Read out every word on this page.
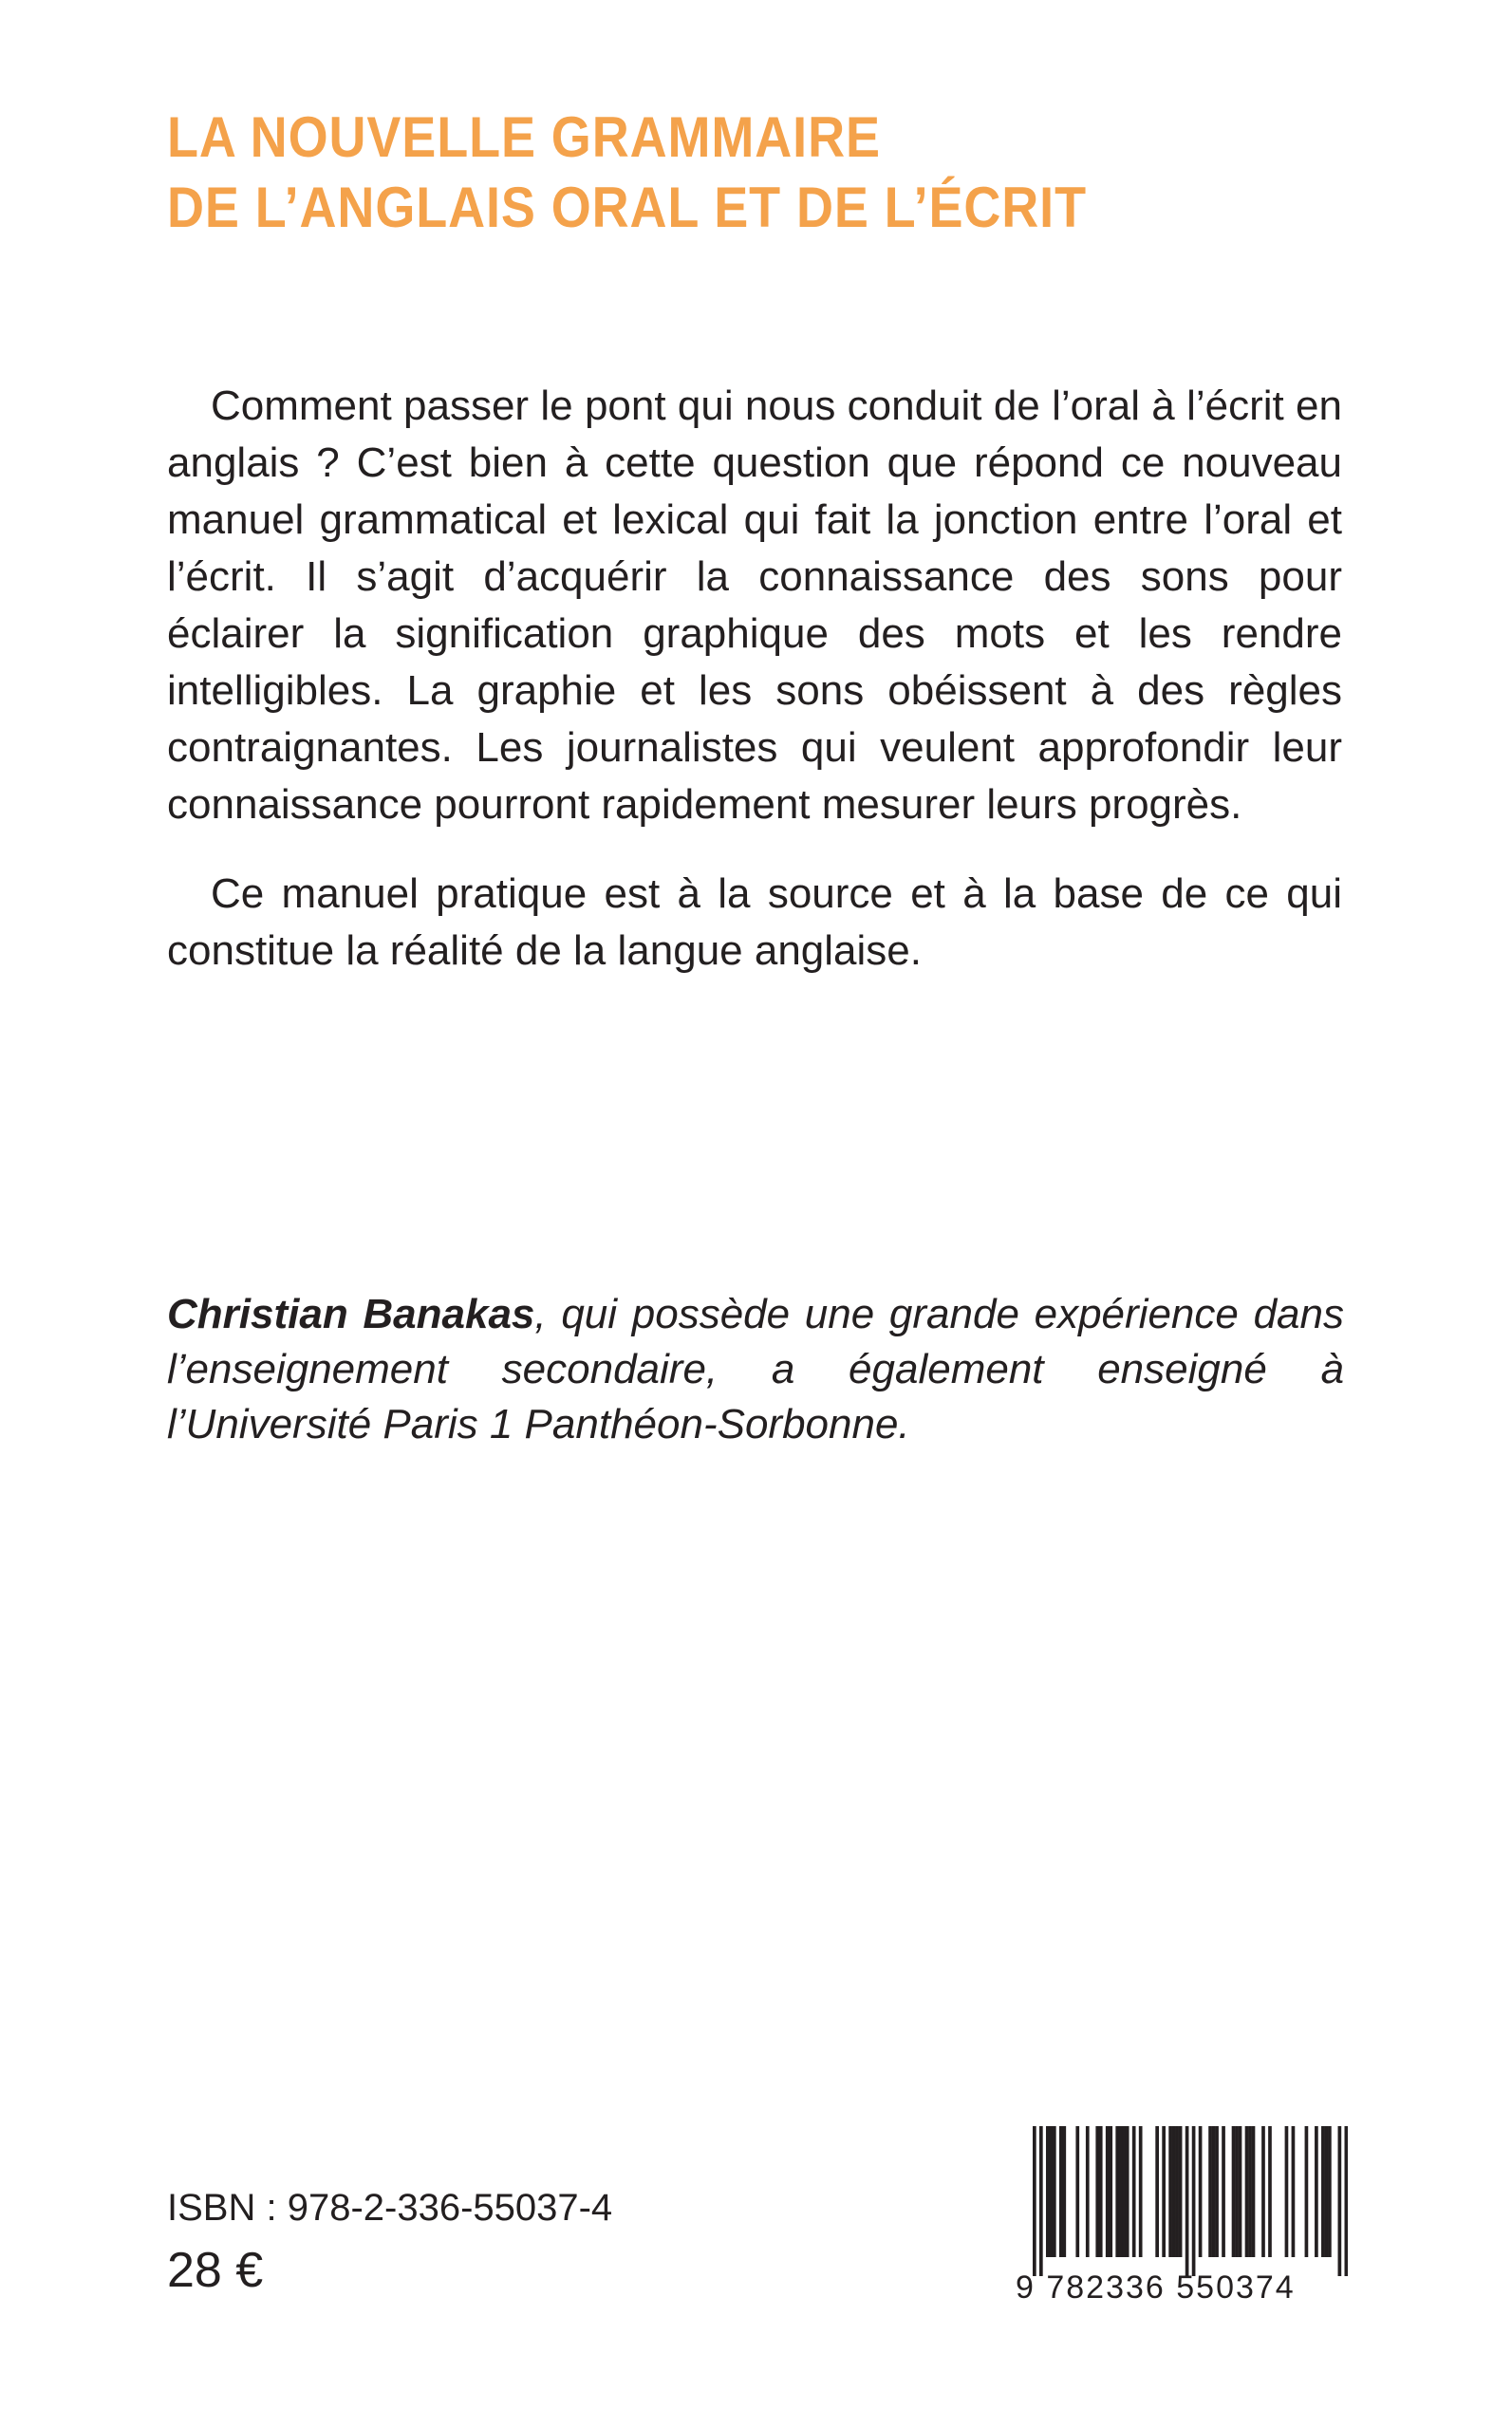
LA NOUVELLE GRAMMAIRE
DE L’ANGLAIS ORAL ET DE L’ÉCRIT

Comment passer le pont qui nous conduit de l’oral à l’écrit en anglais ? C’est bien à cette question que répond ce nouveau manuel grammatical et lexical qui fait la jonction entre l’oral et l’écrit. Il s’agit d’acquérir la connaissance des sons pour éclairer la signification graphique des mots et les rendre intelligibles. La graphie et les sons obéissent à des règles contraignantes. Les journalistes qui veulent approfondir leur connaissance pourront rapidement mesurer leurs progrès.

Ce manuel pratique est à la source et à la base de ce qui constitue la réalité de la langue anglaise.

Christian Banakas, qui possède une grande expérience dans l’enseignement secondaire, a également enseigné à l’Université Paris 1 Panthéon-Sorbonne.

ISBN : 978-2-336-55037-4

28 €	9 782336 550374
